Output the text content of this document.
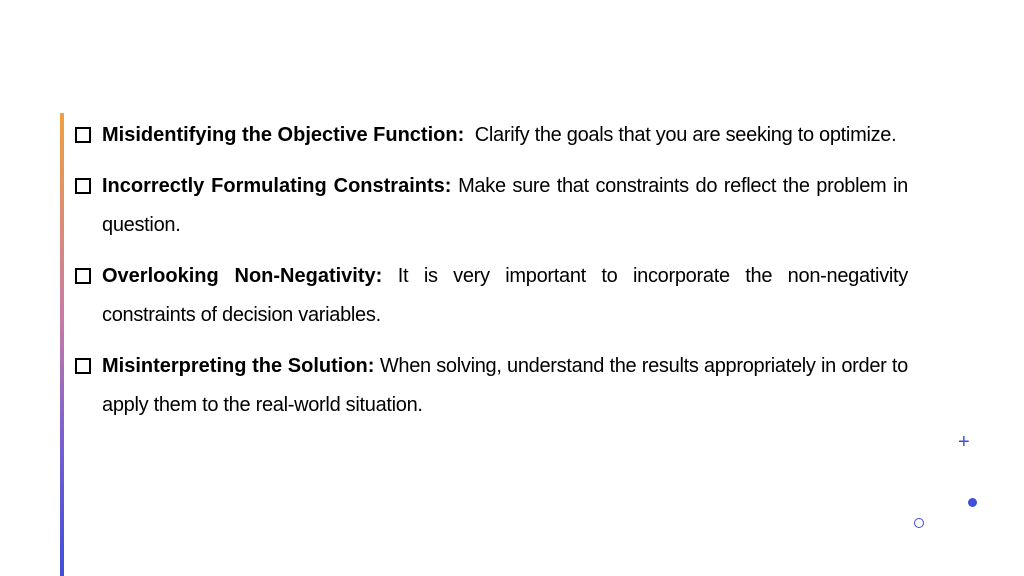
Misidentifying the Objective Function: Clarify the goals that you are seeking to optimize.
Incorrectly Formulating Constraints: Make sure that constraints do reflect the problem in question.
Overlooking Non-Negativity: It is very important to incorporate the non-negativity constraints of decision variables.
Misinterpreting the Solution: When solving, understand the results appropriately in order to apply them to the real-world situation.
+
